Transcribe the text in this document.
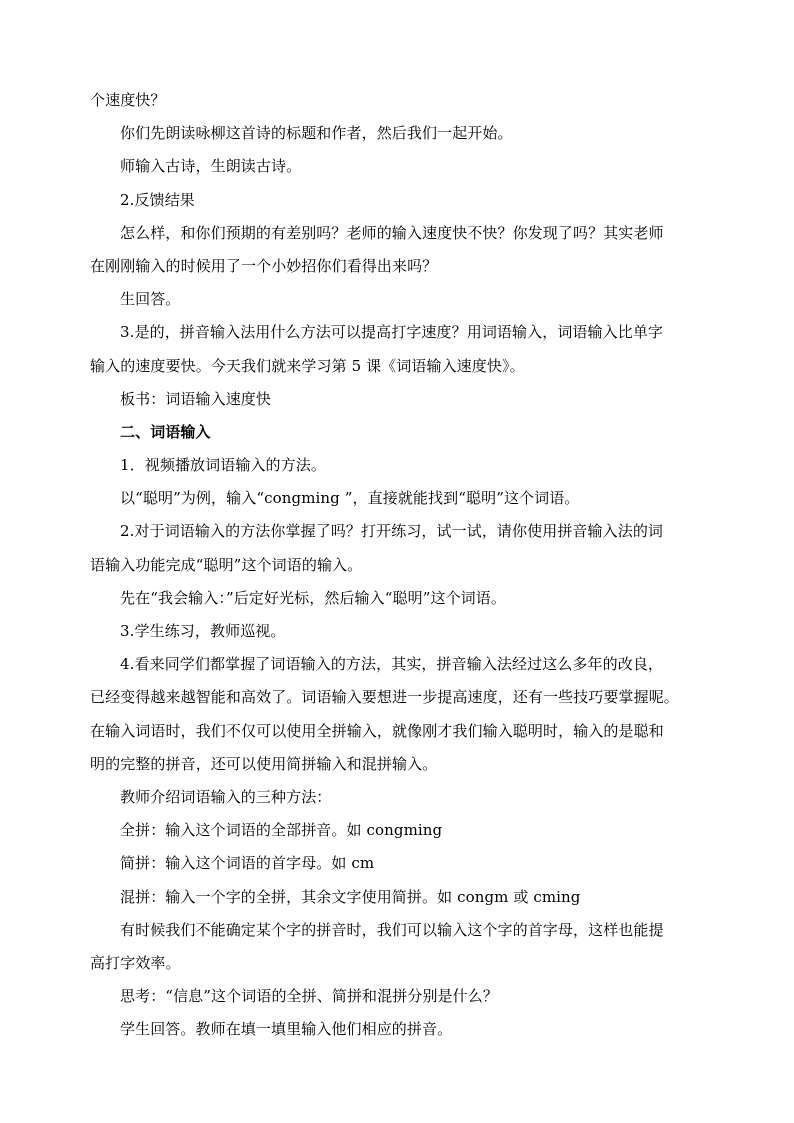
个速度快？
你们先朗读咏柳这首诗的标题和作者，然后我们一起开始。
师输入古诗，生朗读古诗。
2.反馈结果
怎么样，和你们预期的有差别吗？老师的输入速度快不快？你发现了吗？其实老师
在刚刚输入的时候用了一个小妙招你们看得出来吗？
生回答。
3.是的，拼音输入法用什么方法可以提高打字速度？用词语输入，词语输入比单字
输入的速度要快。今天我们就来学习第 5 课《词语输入速度快》。
板书：词语输入速度快
二、词语输入
1．视频播放词语输入的方法。
以“聪明”为例，输入“congming ”，直接就能找到“聪明”这个词语。
2.对于词语输入的方法你掌握了吗？打开练习，试一试，请你使用拼音输入法的词
语输入功能完成“聪明”这个词语的输入。
先在“我会输入：”后定好光标，然后输入“聪明”这个词语。
3.学生练习，教师巡视。
4.看来同学们都掌握了词语输入的方法，其实，拼音输入法经过这么多年的改良，
已经变得越来越智能和高效了。词语输入要想进一步提高速度，还有一些技巧要掌握呢。
在输入词语时，我们不仅可以使用全拼输入，就像刚才我们输入聪明时，输入的是聪和
明的完整的拼音，还可以使用简拼输入和混拼输入。
教师介绍词语输入的三种方法：
全拼：输入这个词语的全部拼音。如 congming
简拼：输入这个词语的首字母。如 cm
混拼：输入一个字的全拼，其余文字使用简拼。如 congm 或 cming
有时候我们不能确定某个字的拼音时，我们可以输入这个字的首字母，这样也能提
高打字效率。
思考：“信息”这个词语的全拼、简拼和混拼分别是什么？
学生回答。教师在填一填里输入他们相应的拼音。
